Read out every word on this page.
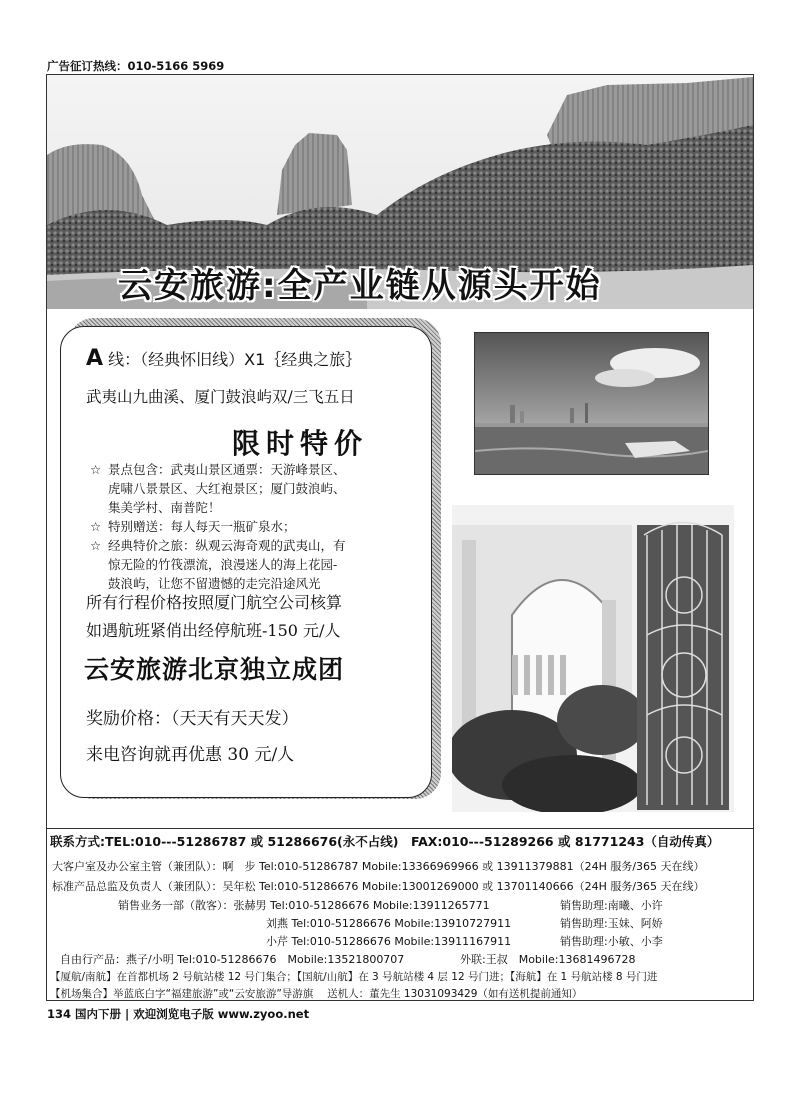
广告征订热线：010-5166 5969
云安旅游:全产业链从源头开始
A 线：（经典怀旧线）X1｛经典之旅｝
武夷山九曲溪、厦门鼓浪屿双/三飞五日
限时特价
☆ 景点包含：武夷山景区通票：天游峰景区、
虎啸八景景区、大红袍景区；厦门鼓浪屿、
集美学村、南普陀！
☆ 特别赠送：每人每天一瓶矿泉水；
☆ 经典特价之旅：纵观云海奇观的武夷山，有
惊无险的竹筏漂流，浪漫迷人的海上花园-
鼓浪屿，让您不留遗憾的走完沿途风光
所有行程价格按照厦门航空公司核算
如遇航班紧俏出经停航班-150 元/人
云安旅游北京独立成团
奖励价格：（天天有天天发）
来电咨询就再优惠 30 元/人
联系方式:TEL:010---51286787 或 51286676(永不占线)　FAX:010---51289266 或 81771243（自动传真）
大客户室及办公室主管（兼团队）：啊　步 Tel:010-51286787 Mobile:13366969966 或 13911379881（24H 服务/365 天在线）
标准产品总监及负责人（兼团队）：吴年松 Tel:010-51286676 Mobile:13001269000 或 13701140666（24H 服务/365 天在线）
销售业务一部（散客）：张赫男 Tel:010-51286676 Mobile:13911265771
刘燕 Tel:010-51286676 Mobile:13910727911
小芹 Tel:010-51286676 Mobile:13911167911
销售助理:南曦、小许
销售助理:玉妹、阿娇
销售助理:小敏、小李
自由行产品：燕子/小明 Tel:010-51286676　Mobile:13521800707	外联:王叔　Mobile:13681496728
【厦航/南航】在首都机场 2 号航站楼 12 号门集合；【国航/山航】在 3 号航站楼 4 层 12 号门进；【海航】在 1 号航站楼 8 号门进
【机场集合】举蓝底白字“福建旅游”或“云安旅游”导游旗　 送机人：董先生 13031093429（如有送机提前通知）
134 国内下册 | 欢迎浏览电子版 www.zyoo.net
